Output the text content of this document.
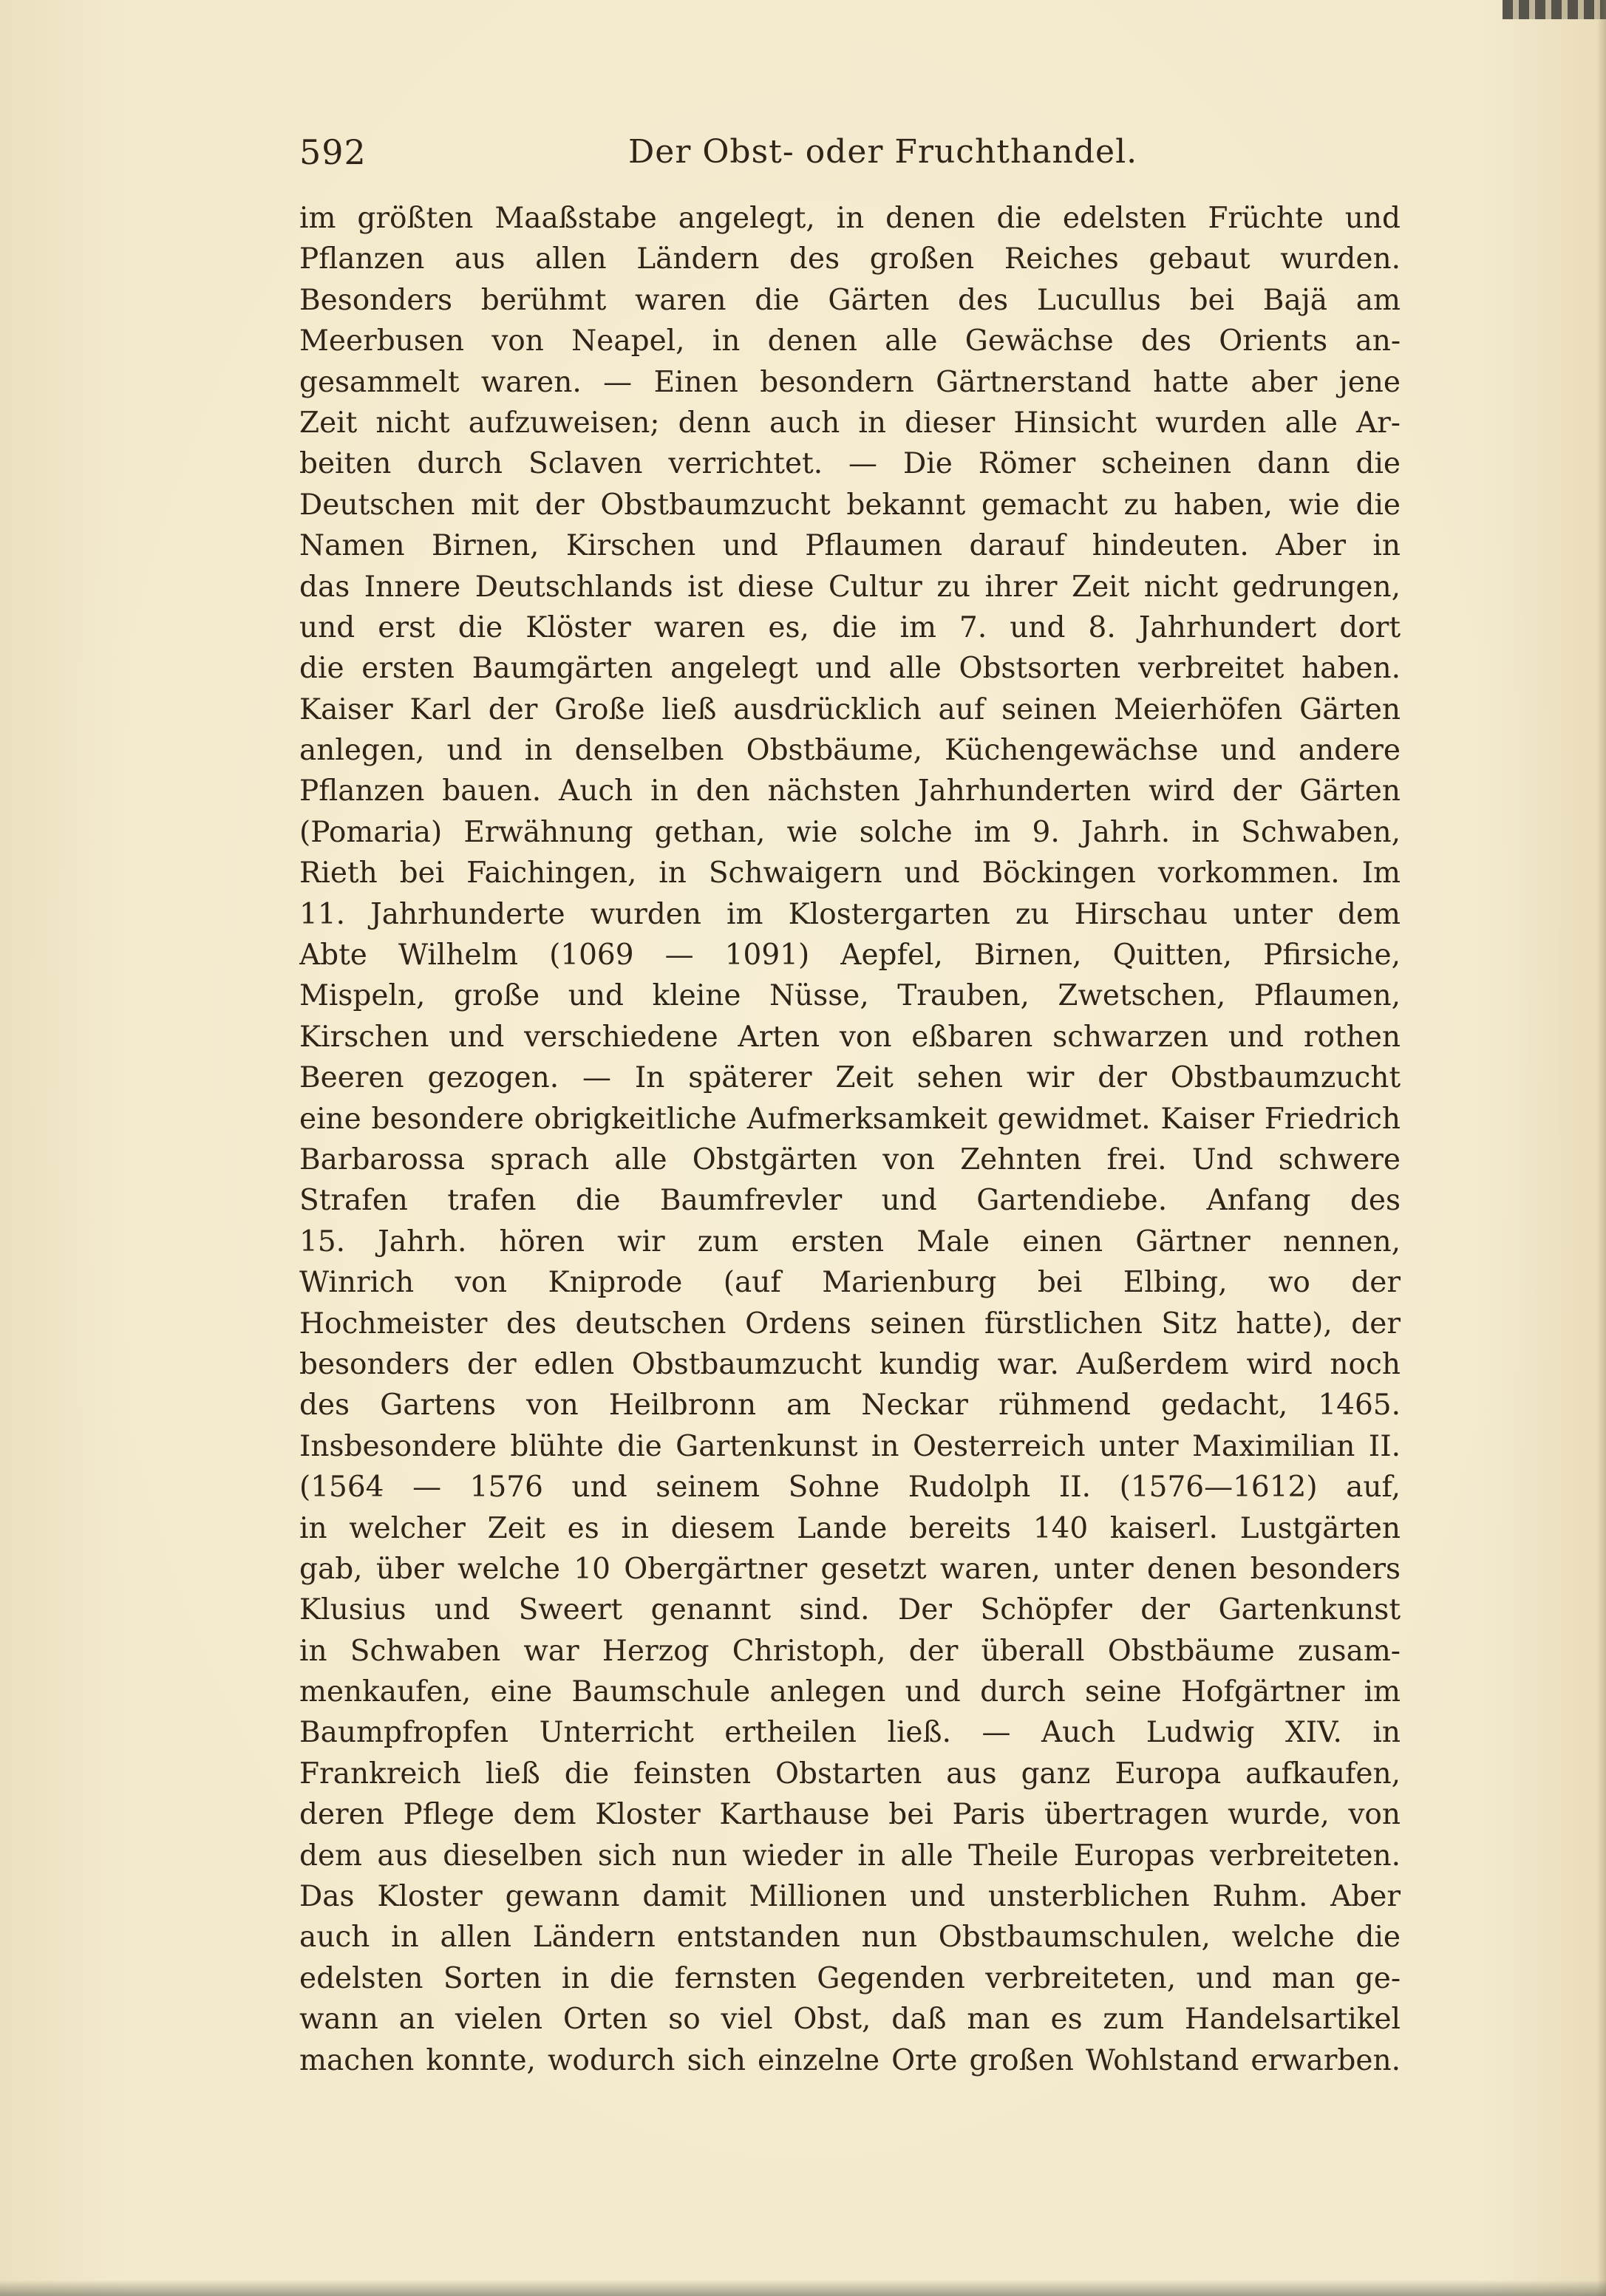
592	Der Obst- oder Fruchthandel.
im größten Maaßstabe angelegt, in denen die edelsten Früchte und
Pflanzen aus allen Ländern des großen Reiches gebaut wurden.
Besonders berühmt waren die Gärten des Lucullus bei Bajä am
Meerbusen von Neapel, in denen alle Gewächse des Orients an-
gesammelt waren. — Einen besondern Gärtnerstand hatte aber jene
Zeit nicht aufzuweisen; denn auch in dieser Hinsicht wurden alle Ar-
beiten durch Sclaven verrichtet. — Die Römer scheinen dann die
Deutschen mit der Obstbaumzucht bekannt gemacht zu haben, wie die
Namen Birnen, Kirschen und Pflaumen darauf hindeuten. Aber in
das Innere Deutschlands ist diese Cultur zu ihrer Zeit nicht gedrungen,
und erst die Klöster waren es, die im 7. und 8. Jahrhundert dort
die ersten Baumgärten angelegt und alle Obstsorten verbreitet haben.
Kaiser Karl der Große ließ ausdrücklich auf seinen Meierhöfen Gärten
anlegen, und in denselben Obstbäume, Küchengewächse und andere
Pflanzen bauen. Auch in den nächsten Jahrhunderten wird der Gärten
(Pomaria) Erwähnung gethan, wie solche im 9. Jahrh. in Schwaben,
Rieth bei Faichingen, in Schwaigern und Böckingen vorkommen. Im
11. Jahrhunderte wurden im Klostergarten zu Hirschau unter dem
Abte Wilhelm (1069 — 1091) Aepfel, Birnen, Quitten, Pfirsiche,
Mispeln, große und kleine Nüsse, Trauben, Zwetschen, Pflaumen,
Kirschen und verschiedene Arten von eßbaren schwarzen und rothen
Beeren gezogen. — In späterer Zeit sehen wir der Obstbaumzucht
eine besondere obrigkeitliche Aufmerksamkeit gewidmet. Kaiser Friedrich
Barbarossa sprach alle Obstgärten von Zehnten frei. Und schwere
Strafen trafen die Baumfrevler und Gartendiebe. Anfang des
15. Jahrh. hören wir zum ersten Male einen Gärtner nennen,
Winrich von Kniprode (auf Marienburg bei Elbing, wo der
Hochmeister des deutschen Ordens seinen fürstlichen Sitz hatte), der
besonders der edlen Obstbaumzucht kundig war. Außerdem wird noch
des Gartens von Heilbronn am Neckar rühmend gedacht, 1465.
Insbesondere blühte die Gartenkunst in Oesterreich unter Maximilian II.
(1564 — 1576 und seinem Sohne Rudolph II. (1576—1612) auf,
in welcher Zeit es in diesem Lande bereits 140 kaiserl. Lustgärten
gab, über welche 10 Obergärtner gesetzt waren, unter denen besonders
Klusius und Sweert genannt sind. Der Schöpfer der Gartenkunst
in Schwaben war Herzog Christoph, der überall Obstbäume zusam-
menkaufen, eine Baumschule anlegen und durch seine Hofgärtner im
Baumpfropfen Unterricht ertheilen ließ. — Auch Ludwig XIV. in
Frankreich ließ die feinsten Obstarten aus ganz Europa aufkaufen,
deren Pflege dem Kloster Karthause bei Paris übertragen wurde, von
dem aus dieselben sich nun wieder in alle Theile Europas verbreiteten.
Das Kloster gewann damit Millionen und unsterblichen Ruhm. Aber
auch in allen Ländern entstanden nun Obstbaumschulen, welche die
edelsten Sorten in die fernsten Gegenden verbreiteten, und man ge-
wann an vielen Orten so viel Obst, daß man es zum Handelsartikel
machen konnte, wodurch sich einzelne Orte großen Wohlstand erwarben.
